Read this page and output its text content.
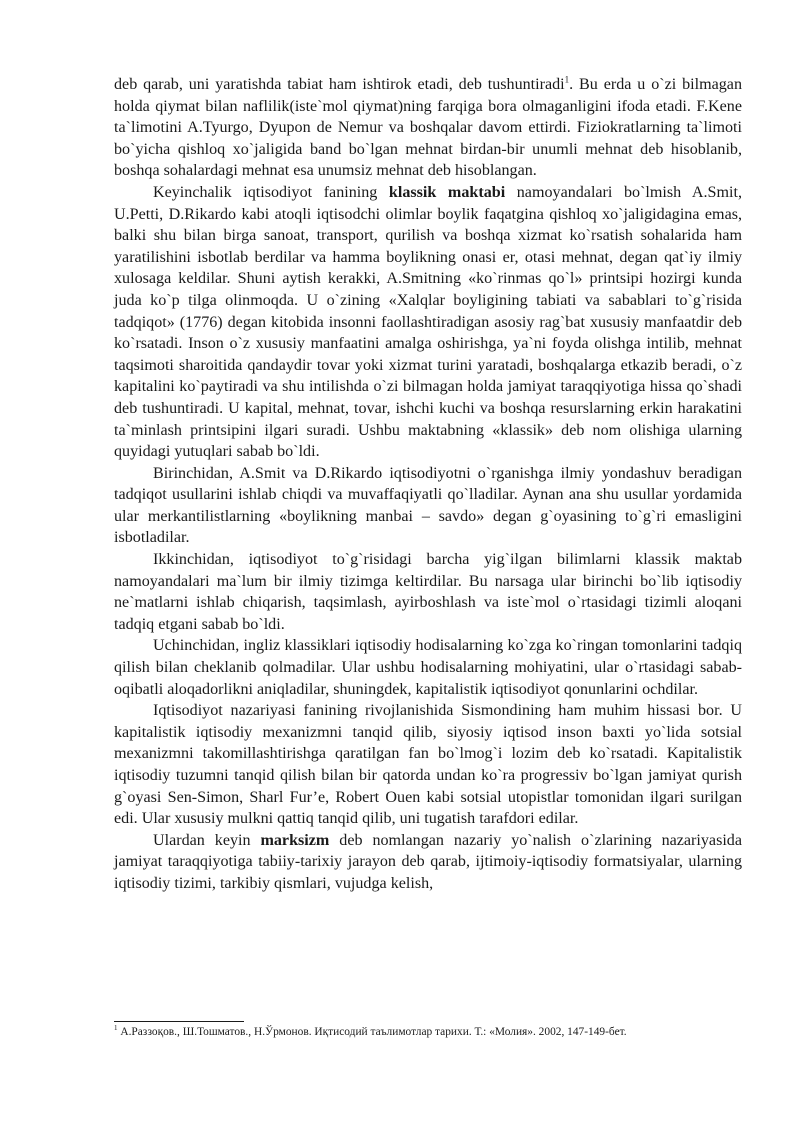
deb qarab, uni yaratishda tabiat ham ishtirok etadi, deb tushuntiradi$^1$. Bu erda u o`zi bilmagan holda qiymat bilan naflilik(iste`mol qiymat)ning farqiga bora olmaganligini ifoda etadi. F.Kene ta`limotini A.Tyurgo, Dyupon de Nemur va boshqalar davom ettirdi. Fiziokratlarning ta`limoti bo`yicha qishloq xo`jaligida band bo`lgan mehnat birdan-bir unumli mehnat deb hisoblanib, boshqa sohalardagi mehnat esa unumsiz mehnat deb hisoblangan.

Keyinchalik iqtisodiyot fanining klassik maktabi namoyandalari bo`lmish A.Smit, U.Petti, D.Rikardo kabi atoqli iqtisodchi olimlar boylik faqatgina qishloq xo`jaligidagina emas, balki shu bilan birga sanoat, transport, qurilish va boshqa xizmat ko`rsatish sohalarida ham yaratilishini isbotlab berdilar va hamma boylikning onasi er, otasi mehnat, degan qat`iy ilmiy xulosaga keldilar. Shuni aytish kerakki, A.Smitning «ko`rinmas qo`l» printsipi hozirgi kunda juda ko`p tilga olinmoqda. U o`zining «Xalqlar boyligining tabiati va sabablari to`g`risida tadqiqot» (1776) degan kitobida insonni faollashtiradigan asosiy rag`bat xususiy manfaatdir deb ko`rsatadi. Inson o`z xususiy manfaatini amalga oshirishga, ya`ni foyda olishga intilib, mehnat taqsimoti sharoitida qandaydir tovar yoki xizmat turini yaratadi, boshqalarga etkazib beradi, o`z kapitalini ko`paytiradi va shu intilishda o`zi bilmagan holda jamiyat taraqqiyotiga hissa qo`shadi deb tushuntiradi. U kapital, mehnat, tovar, ishchi kuchi va boshqa resurslarning erkin harakatini ta`minlash printsipini ilgari suradi. Ushbu maktabning «klassik» deb nom olishiga ularning quyidagi yutuqlari sabab bo`ldi.

Birinchidan, A.Smit va D.Rikardo iqtisodiyotni o`rganishga ilmiy yondashuv beradigan tadqiqot usullarini ishlab chiqdi va muvaffaqiyatli qo`lladilar. Aynan ana shu usullar yordamida ular merkantilistlarning «boylikning manbai – savdo» degan g`oyasining to`g`ri emasligini isbotladilar.

Ikkinchidan, iqtisodiyot to`g`risidagi barcha yig`ilgan bilimlarni klassik maktab namoyandalari ma`lum bir ilmiy tizimga keltirdilar. Bu narsaga ular birinchi bo`lib iqtisodiy ne`matlarni ishlab chiqarish, taqsimlash, ayirboshlash va iste`mol o`rtasidagi tizimli aloqani tadqiq etgani sabab bo`ldi.

Uchinchidan, ingliz klassiklari iqtisodiy hodisalarning ko`zga ko`ringan tomonlarini tadqiq qilish bilan cheklanib qolmadilar. Ular ushbu hodisalarning mohiyatini, ular o`rtasidagi sabab-oqibatli aloqadorlikni aniqladilar, shuningdek, kapitalistik iqtisodiyot qonunlarini ochdilar.

Iqtisodiyot nazariyasi fanining rivojlanishida Sismondining ham muhim hissasi bor. U kapitalistik iqtisodiy mexanizmni tanqid qilib, siyosiy iqtisod inson baxti yo`lida sotsial mexanizmni takomillashtirishga qaratilgan fan bo`lmog`i lozim deb ko`rsatadi. Kapitalistik iqtisodiy tuzumni tanqid qilish bilan bir qatorda undan ko`ra progressiv bo`lgan jamiyat qurish g`oyasi Sen-Simon, Sharl Fur’e, Robert Ouen kabi sotsial utopistlar tomonidan ilgari surilgan edi. Ular xususiy mulkni qattiq tanqid qilib, uni tugatish tarafdori edilar.

Ulardan keyin marksizm deb nomlangan nazariy yo`nalish o`zlarining nazariyasida jamiyat taraqqiyotiga tabiiy-tarixiy jarayon deb qarab, ijtimoiy-iqtisodiy formatsiyalar, ularning iqtisodiy tizimi, tarkibiy qismlari, vujudga kelish,

$^1$ А.Раззоқов., Ш.Тошматов., Н.Ўрмонов. Иқтисодий таълимотлар тарихи. Т.: «Молия». 2002, 147-149-бет.
